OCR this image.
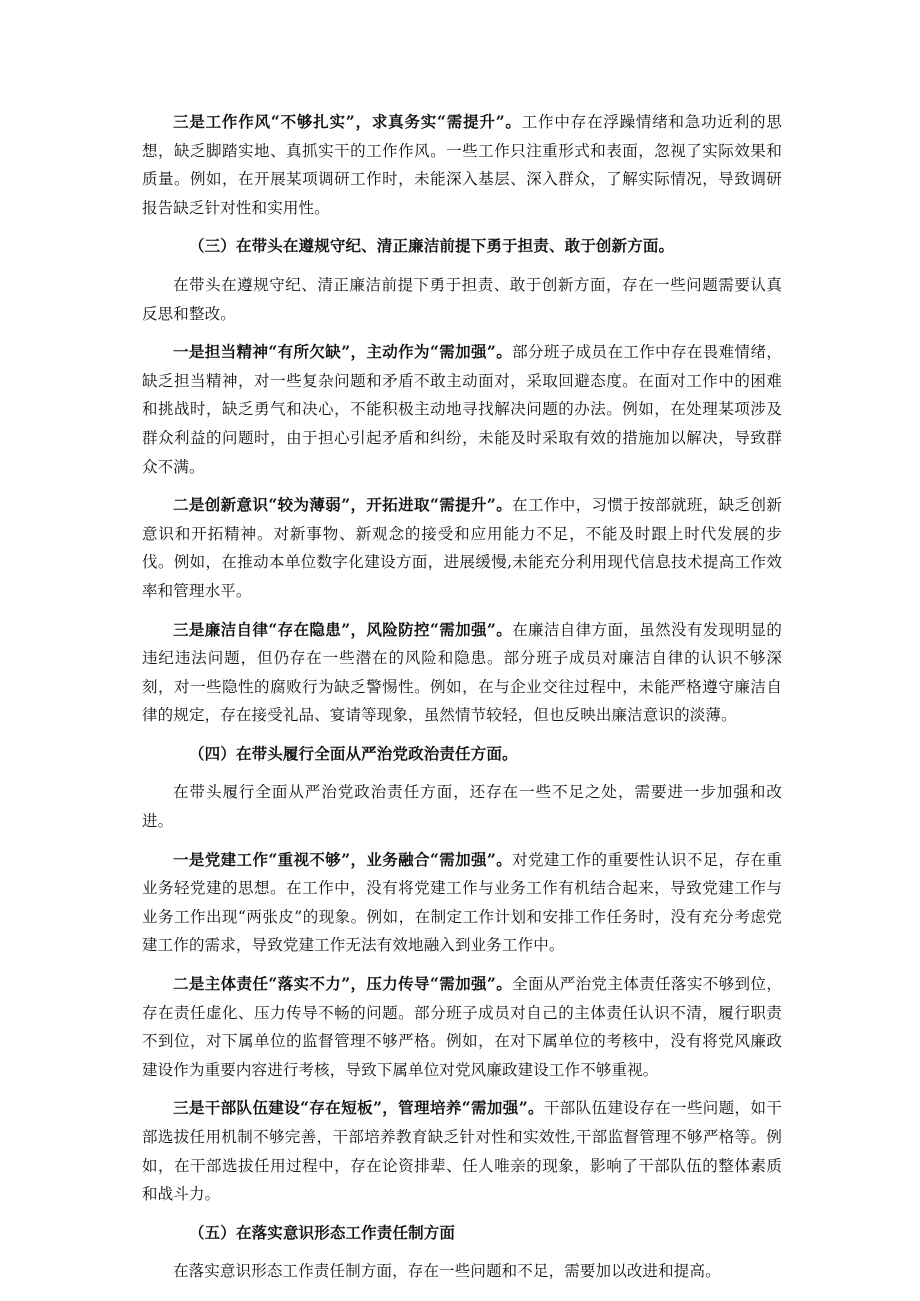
三是工作作风“不够扎实”，求真务实“需提升”。工作中存在浮躁情绪和急功近利的思想，缺乏脚踏实地、真抓实干的工作作风。一些工作只注重形式和表面，忽视了实际效果和质量。例如，在开展某项调研工作时，未能深入基层、深入群众，了解实际情况，导致调研报告缺乏针对性和实用性。

（三）在带头在遵规守纪、清正廉洁前提下勇于担责、敢于创新方面。

在带头在遵规守纪、清正廉洁前提下勇于担责、敢于创新方面，存在一些问题需要认真反思和整改。

一是担当精神“有所欠缺”，主动作为“需加强”。部分班子成员在工作中存在畏难情绪，缺乏担当精神，对一些复杂问题和矛盾不敢主动面对，采取回避态度。在面对工作中的困难和挑战时，缺乏勇气和决心，不能积极主动地寻找解决问题的办法。例如，在处理某项涉及群众利益的问题时，由于担心引起矛盾和纠纷，未能及时采取有效的措施加以解决，导致群众不满。

二是创新意识“较为薄弱”，开拓进取“需提升”。在工作中，习惯于按部就班，缺乏创新意识和开拓精神。对新事物、新观念的接受和应用能力不足，不能及时跟上时代发展的步伐。例如，在推动本单位数字化建设方面，进展缓慢,未能充分利用现代信息技术提高工作效率和管理水平。

三是廉洁自律“存在隐患”，风险防控“需加强”。在廉洁自律方面，虽然没有发现明显的违纪违法问题，但仍存在一些潜在的风险和隐患。部分班子成员对廉洁自律的认识不够深刻，对一些隐性的腐败行为缺乏警惕性。例如，在与企业交往过程中，未能严格遵守廉洁自律的规定，存在接受礼品、宴请等现象，虽然情节较轻，但也反映出廉洁意识的淡薄。

（四）在带头履行全面从严治党政治责任方面。

在带头履行全面从严治党政治责任方面，还存在一些不足之处，需要进一步加强和改进。

一是党建工作“重视不够”，业务融合“需加强”。对党建工作的重要性认识不足，存在重业务轻党建的思想。在工作中，没有将党建工作与业务工作有机结合起来，导致党建工作与业务工作出现“两张皮”的现象。例如，在制定工作计划和安排工作任务时，没有充分考虑党建工作的需求，导致党建工作无法有效地融入到业务工作中。

二是主体责任“落实不力”，压力传导“需加强”。全面从严治党主体责任落实不够到位，存在责任虚化、压力传导不畅的问题。部分班子成员对自己的主体责任认识不清，履行职责不到位，对下属单位的监督管理不够严格。例如，在对下属单位的考核中，没有将党风廉政建设作为重要内容进行考核，导致下属单位对党风廉政建设工作不够重视。

三是干部队伍建设“存在短板”，管理培养“需加强”。干部队伍建设存在一些问题，如干部选拔任用机制不够完善，干部培养教育缺乏针对性和实效性,干部监督管理不够严格等。例如，在干部选拔任用过程中，存在论资排辈、任人唯亲的现象，影响了干部队伍的整体素质和战斗力。

（五）在落实意识形态工作责任制方面

在落实意识形态工作责任制方面，存在一些问题和不足，需要加以改进和提高。
